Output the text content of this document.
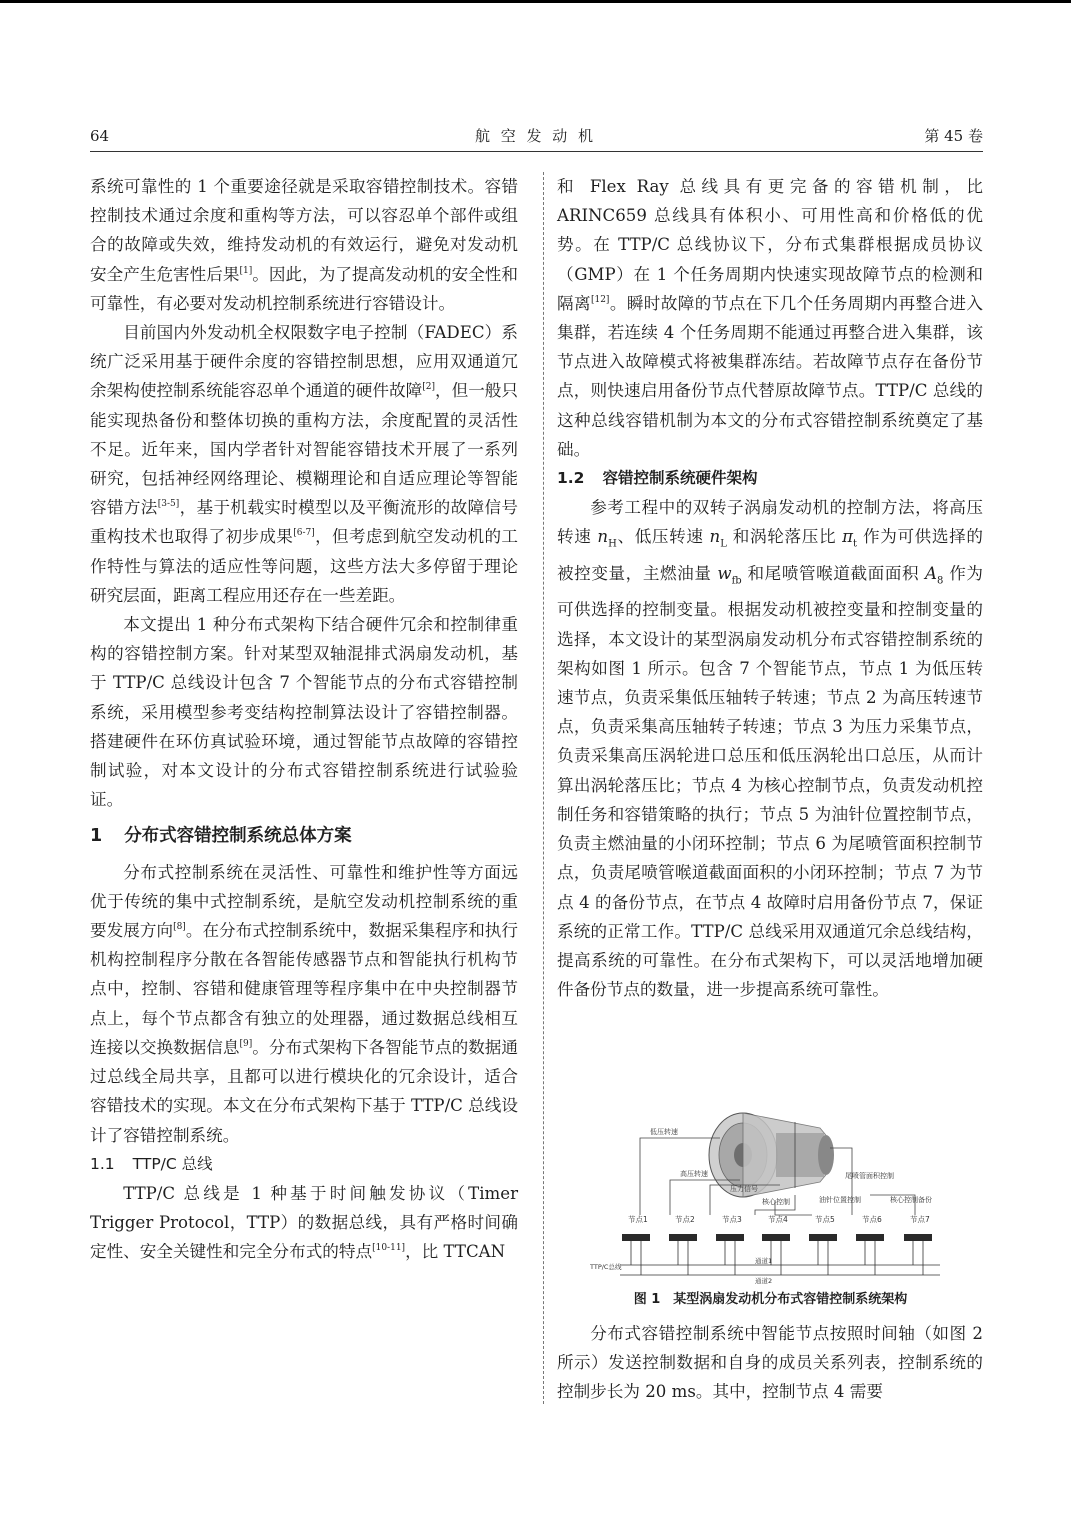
64	航 空 发 动 机	第 45 卷

系统可靠性的 1 个重要途径就是采取容错控制技术。容错控制技术通过余度和重构等方法，可以容忍单个部件或组合的故障或失效，维持发动机的有效运行，避免对发动机安全产生危害性后果[1]。因此，为了提高发动机的安全性和可靠性，有必要对发动机控制系统进行容错设计。

目前国内外发动机全权限数字电子控制（FADEC）系统广泛采用基于硬件余度的容错控制思想，应用双通道冗余架构使控制系统能容忍单个通道的硬件故障[2]，但一般只能实现热备份和整体切换的重构方法，余度配置的灵活性不足。近年来，国内学者针对智能容错技术开展了一系列研究，包括神经网络理论、模糊理论和自适应理论等智能容错方法[3-5]，基于机载实时模型以及平衡流形的故障信号重构技术也取得了初步成果[6-7]，但考虑到航空发动机的工作特性与算法的适应性等问题，这些方法大多停留于理论研究层面，距离工程应用还存在一些差距。

本文提出 1 种分布式架构下结合硬件冗余和控制律重构的容错控制方案。针对某型双轴混排式涡扇发动机，基于 TTP/C 总线设计包含 7 个智能节点的分布式容错控制系统，采用模型参考变结构控制算法设计了容错控制器。搭建硬件在环仿真试验环境，通过智能节点故障的容错控制试验，对本文设计的分布式容错控制系统进行试验验证。

1 分布式容错控制系统总体方案

分布式控制系统在灵活性、可靠性和维护性等方面远优于传统的集中式控制系统，是航空发动机控制系统的重要发展方向[8]。在分布式控制系统中，数据采集程序和执行机构控制程序分散在各智能传感器节点和智能执行机构节点中，控制、容错和健康管理等程序集中在中央控制器节点上，每个节点都含有独立的处理器，通过数据总线相互连接以交换数据信息[9]。分布式架构下各智能节点的数据通过总线全局共享，且都可以进行模块化的冗余设计，适合容错技术的实现。本文在分布式架构下基于 TTP/C 总线设计了容错控制系统。

1.1 TTP/C 总线

TTP/C 总线是 1 种基于时间触发协议（Timer Trigger Protocol，TTP）的数据总线，具有严格时间确定性、安全关键性和完全分布式的特点[10-11]，比 TTCAN

和 Flex Ray 总线具有更完备的容错机制，比 ARINC659 总线具有体积小、可用性高和价格低的优势。在 TTP/C 总线协议下，分布式集群根据成员协议（GMP）在 1 个任务周期内快速实现故障节点的检测和隔离[12]。瞬时故障的节点在下几个任务周期内再整合进入集群，若连续 4 个任务周期不能通过再整合进入集群，该节点进入故障模式将被集群冻结。若故障节点存在备份节点，则快速启用备份节点代替原故障节点。TTP/C 总线的这种总线容错机制为本文的分布式容错控制系统奠定了基础。

1.2 容错控制系统硬件架构

参考工程中的双转子涡扇发动机的控制方法，将高压转速 $n_H$、低压转速 $n_L$ 和涡轮落压比 $\pi_t$ 作为可供选择的被控变量，主燃油量 $w_{fb}$ 和尾喷管喉道截面面积 $A_8$ 作为可供选择的控制变量。根据发动机被控变量和控制变量的选择，本文设计的某型涡扇发动机分布式容错控制系统的架构如图 1 所示。包含 7 个智能节点，节点 1 为低压转速节点，负责采集低压轴转子转速；节点 2 为高压转速节点，负责采集高压轴转子转速；节点 3 为压力采集节点，负责采集高压涡轮进口总压和低压涡轮出口总压，从而计算出涡轮落压比；节点 4 为核心控制节点，负责发动机控制任务和容错策略的执行；节点 5 为油针位置控制节点，负责主燃油量的小闭环控制；节点 6 为尾喷管面积控制节点，负责尾喷管喉道截面面积的小闭环控制；节点 7 为节点 4 的备份节点，在节点 4 故障时启用备份节点 7，保证系统的正常工作。TTP/C 总线采用双通道冗余总线结构，提高系统的可靠性。在分布式架构下，可以灵活地增加硬件备份节点的数量，进一步提高系统可靠性。

低压转速
高压转速
压力信号
核心控制	油针位置控制
尾喷管面积控制
核心控制备份
节点1	节点2	节点3	节点4	节点5	节点6	节点7
TTP/C总线
通道1
通道2
图 1　某型涡扇发动机分布式容错控制系统架构

分布式容错控制系统中智能节点按照时间轴（如图 2 所示）发送控制数据和自身的成员关系列表，控制系统的控制步长为 20 ms。其中，控制节点 4 需要
